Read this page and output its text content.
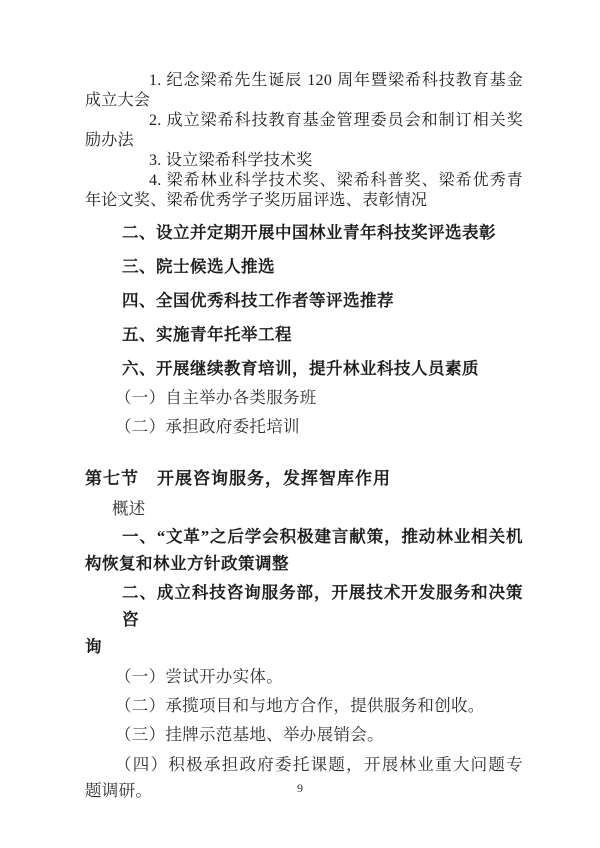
1. 纪念梁希先生诞辰 120 周年暨梁希科技教育基金
成立大会
2. 成立梁希科技教育基金管理委员会和制订相关奖
励办法
3. 设立梁希科学技术奖
4. 梁希林业科学技术奖、梁希科普奖、梁希优秀青
年论文奖、梁希优秀学子奖历届评选、表彰情况
二、设立并定期开展中国林业青年科技奖评选表彰
三、院士候选人推选
四、全国优秀科技工作者等评选推荐
五、实施青年托举工程
六、开展继续教育培训，提升林业科技人员素质
（一）自主举办各类服务班
（二）承担政府委托培训
第七节　开展咨询服务，发挥智库作用
概述
一、“文革”之后学会积极建言献策，推动林业相关机
构恢复和林业方针政策调整
二、成立科技咨询服务部，开展技术开发服务和决策咨
询
（一）尝试开办实体。
（二）承揽项目和与地方合作，提供服务和创收。
（三）挂牌示范基地、举办展销会。
（四）积极承担政府委托课题，开展林业重大问题专
题调研。	9
